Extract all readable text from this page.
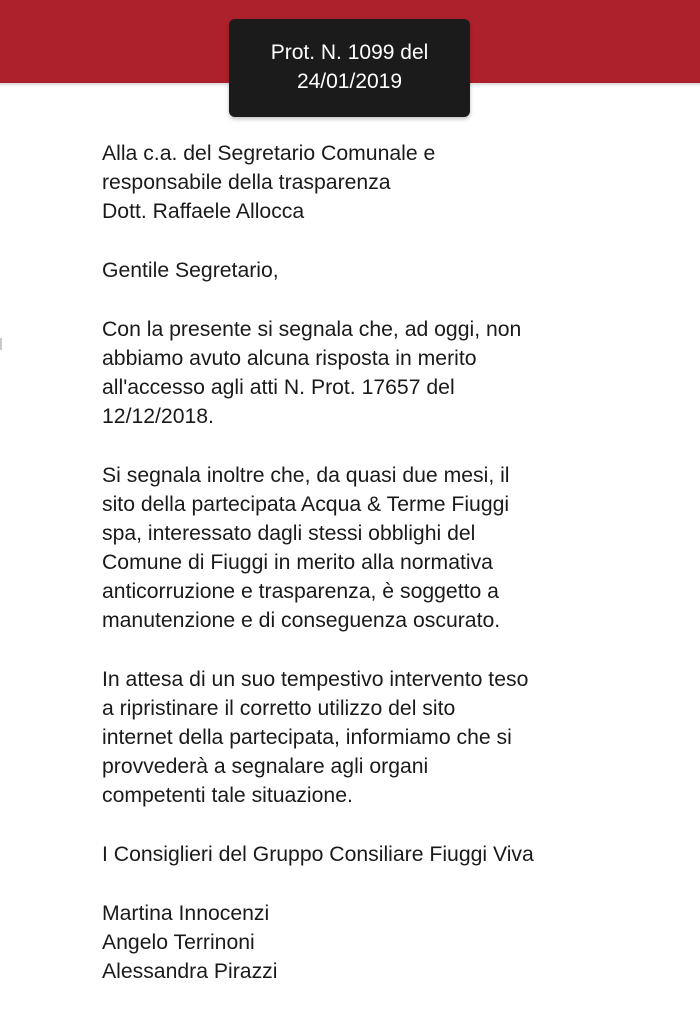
Prot. N. 1099 del
24/01/2019

Alla c.a. del Segretario Comunale e
responsabile della trasparenza
Dott. Raffaele Allocca

Gentile Segretario,

Con la presente si segnala che, ad oggi, non
abbiamo avuto alcuna risposta in merito
all'accesso agli atti N. Prot. 17657 del
12/12/2018.

Si segnala inoltre che, da quasi due mesi, il
sito della partecipata Acqua & Terme Fiuggi
spa, interessato dagli stessi obblighi del
Comune di Fiuggi in merito alla normativa
anticorruzione e trasparenza, è soggetto a
manutenzione e di conseguenza oscurato.

In attesa di un suo tempestivo intervento teso
a ripristinare il corretto utilizzo del sito
internet della partecipata, informiamo che si
provvederà a segnalare agli organi
competenti tale situazione.

I Consiglieri del Gruppo Consiliare Fiuggi Viva

Martina Innocenzi
Angelo Terrinoni
Alessandra Pirazzi
